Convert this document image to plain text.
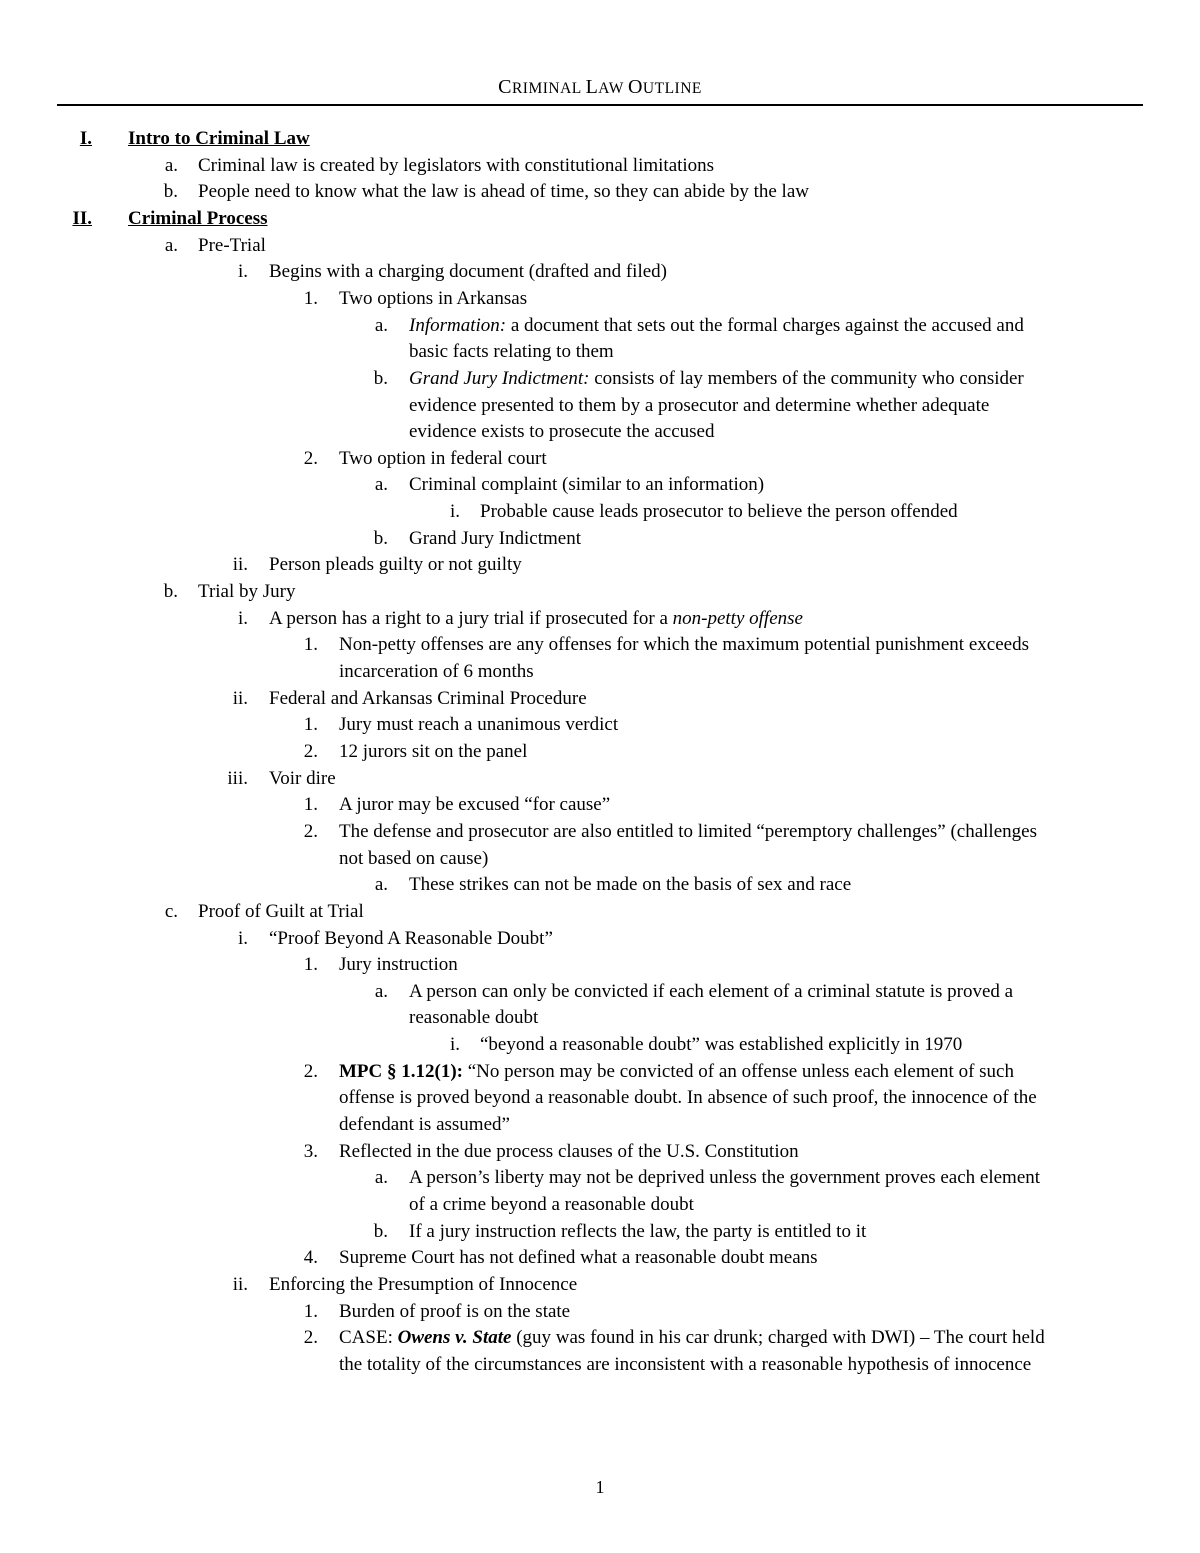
CRIMINAL LAW OUTLINE
I. Intro to Criminal Law
a. Criminal law is created by legislators with constitutional limitations
b. People need to know what the law is ahead of time, so they can abide by the law
II. Criminal Process
a. Pre-Trial
i. Begins with a charging document (drafted and filed)
1. Two options in Arkansas
a. Information: a document that sets out the formal charges against the accused and
basic facts relating to them
b. Grand Jury Indictment: consists of lay members of the community who consider
evidence presented to them by a prosecutor and determine whether adequate
evidence exists to prosecute the accused
2. Two option in federal court
a. Criminal complaint (similar to an information)
i. Probable cause leads prosecutor to believe the person offended
b. Grand Jury Indictment
ii. Person pleads guilty or not guilty
b. Trial by Jury
i. A person has a right to a jury trial if prosecuted for a non-petty offense
1. Non-petty offenses are any offenses for which the maximum potential punishment exceeds
incarceration of 6 months
ii. Federal and Arkansas Criminal Procedure
1. Jury must reach a unanimous verdict
2. 12 jurors sit on the panel
iii. Voir dire
1. A juror may be excused “for cause”
2. The defense and prosecutor are also entitled to limited “peremptory challenges” (challenges
not based on cause)
a. These strikes can not be made on the basis of sex and race
c. Proof of Guilt at Trial
i. “Proof Beyond A Reasonable Doubt”
1. Jury instruction
a. A person can only be convicted if each element of a criminal statute is proved a
reasonable doubt
i. “beyond a reasonable doubt” was established explicitly in 1970
2. MPC § 1.12(1): “No person may be convicted of an offense unless each element of such
offense is proved beyond a reasonable doubt. In absence of such proof, the innocence of the
defendant is assumed”
3. Reflected in the due process clauses of the U.S. Constitution
a. A person’s liberty may not be deprived unless the government proves each element
of a crime beyond a reasonable doubt
b. If a jury instruction reflects the law, the party is entitled to it
4. Supreme Court has not defined what a reasonable doubt means
ii. Enforcing the Presumption of Innocence
1. Burden of proof is on the state
2. CASE: Owens v. State (guy was found in his car drunk; charged with DWI) – The court held
the totality of the circumstances are inconsistent with a reasonable hypothesis of innocence
1
